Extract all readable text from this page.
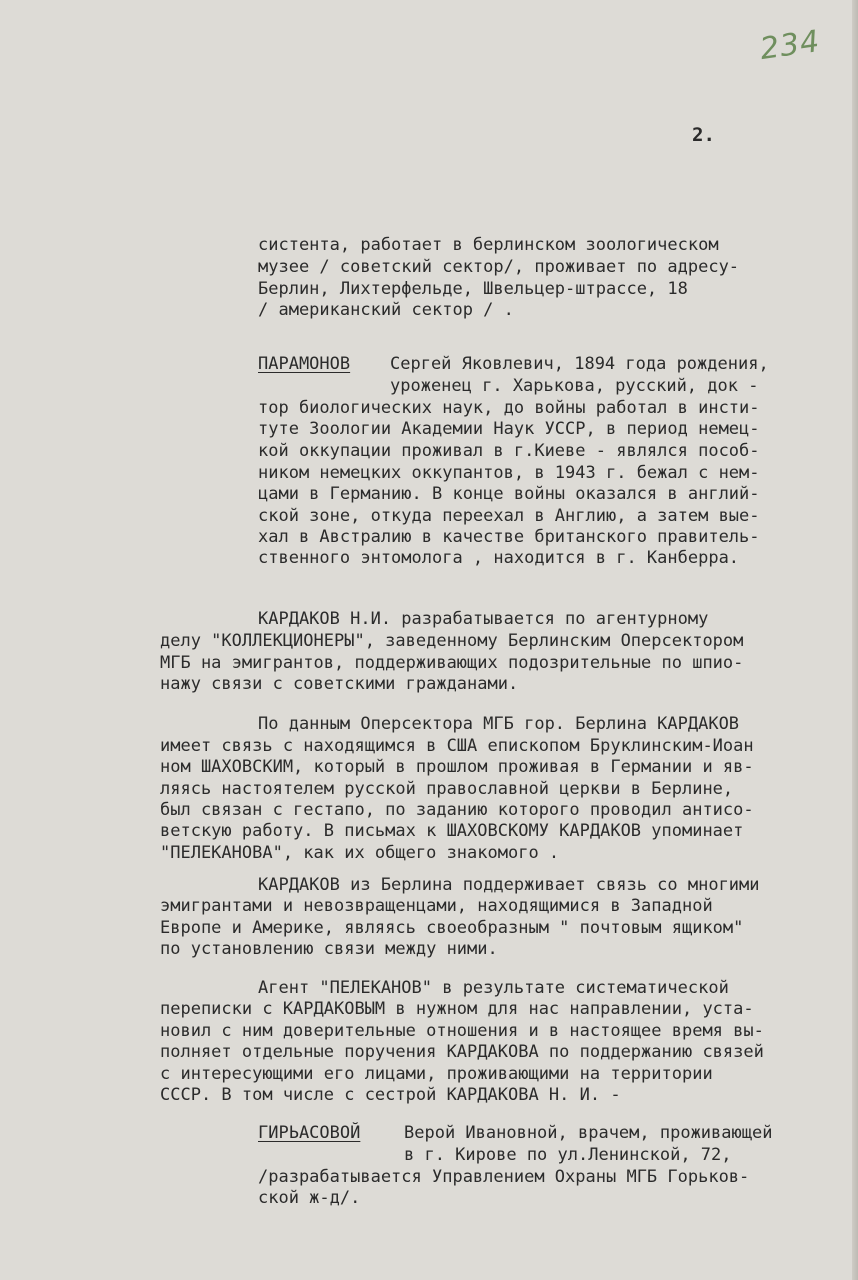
234
2.
систента, работает в берлинском зоологическом
музее / советский сектор/, проживает по адресу-
Берлин, Лихтерфельде, Швельцер-штрассе, 18
/ американский сектор / .
ПАРАМОНОВ Сергей Яковлевич, 1894 года рождения,
уроженец г. Харькова, русский, док -
тор биологических наук, до войны работал в инсти-
туте Зоологии Академии Наук УССР, в период немец-
кой оккупации проживал в г.Киеве - являлся пособ-
ником немецких оккупантов, в 1943 г. бежал с нем-
цами в Германию. В конце войны оказался в англий-
ской зоне, откуда переехал в Англию, а затем вые-
хал в Австралию в качестве британского правитель-
ственного энтомолога , находится в г. Канберра.
КАРДАКОВ Н.И. разрабатывается по агентурному
делу "КОЛЛЕКЦИОНЕРЫ", заведенному Берлинским Оперсектором
МГБ на эмигрантов, поддерживающих подозрительные по шпио-
нажу связи с советскими гражданами.
По данным Оперсектора МГБ гор. Берлина КАРДАКОВ
имеет связь с находящимся в США епископом Бруклинским-Иоан
ном ШАХОВСКИМ, который в прошлом проживая в Германии и яв-
ляясь настоятелем русской православной церкви в Берлине,
был связан с гестапо, по заданию которого проводил антисо-
ветскую работу. В письмах к ШАХОВСКОМУ КАРДАКОВ упоминает
"ПЕЛЕКАНОВА", как их общего знакомого .
КАРДАКОВ из Берлина поддерживает связь со многими
эмигрантами и невозвращенцами, находящимися в Западной
Европе и Америке, являясь своеобразным " почтовым ящиком"
по установлению связи между ними.
Агент "ПЕЛЕКАНОВ" в результате систематической
переписки с КАРДАКОВЫМ в нужном для нас направлении, уста-
новил с ним доверительные отношения и в настоящее время вы-
полняет отдельные поручения КАРДАКОВА по поддержанию связей
с интересующими его лицами, проживающими на территории
СССР. В том числе с сестрой КАРДАКОВА Н. И. -
ГИРЬАСОВОЙ	Верой Ивановной, врачем, проживающей
в г. Кирове по ул.Ленинской, 72,
/разрабатывается Управлением Охраны МГБ Горьков-
ской ж-д/.
